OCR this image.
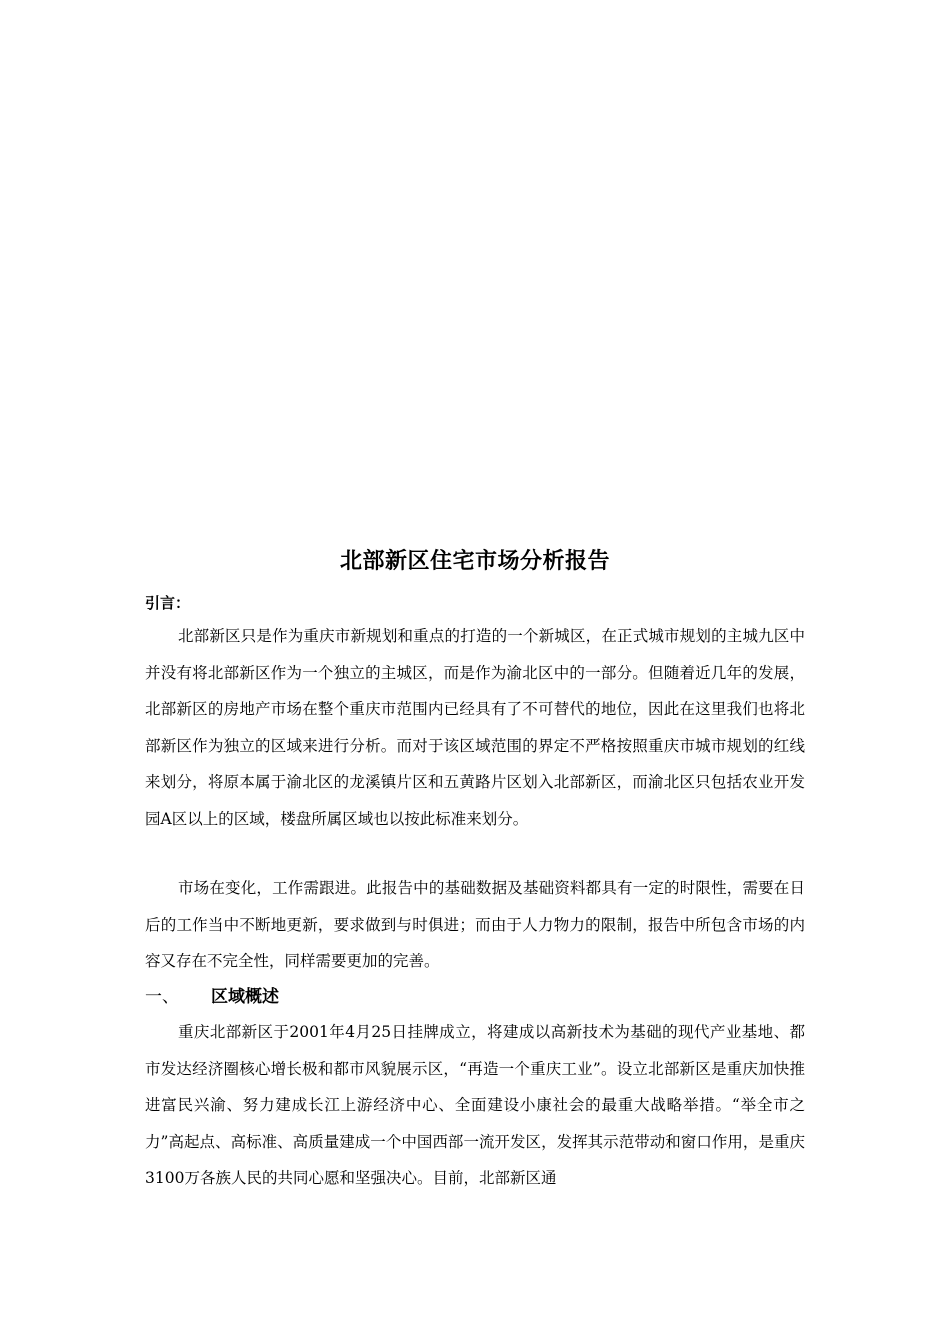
北部新区住宅市场分析报告
引言：

北部新区只是作为重庆市新规划和重点的打造的一个新城区，在正式城市规划的主城九区中并没有将北部新区作为一个独立的主城区，而是作为渝北区中的一部分。但随着近几年的发展，北部新区的房地产市场在整个重庆市范围内已经具有了不可替代的地位，因此在这里我们也将北部新区作为独立的区域来进行分析。而对于该区域范围的界定不严格按照重庆市城市规划的红线来划分，将原本属于渝北区的龙溪镇片区和五黄路片区划入北部新区，而渝北区只包括农业开发园A区以上的区域，楼盘所属区域也以按此标准来划分。

市场在变化，工作需跟进。此报告中的基础数据及基础资料都具有一定的时限性，需要在日后的工作当中不断地更新，要求做到与时俱进；而由于人力物力的限制，报告中所包含市场的内容又存在不完全性，同样需要更加的完善。

一、 区域概述

重庆北部新区于2001年4月25日挂牌成立，将建成以高新技术为基础的现代产业基地、都市发达经济圈核心增长极和都市风貌展示区，“再造一个重庆工业”。设立北部新区是重庆加快推进富民兴渝、努力建成长江上游经济中心、全面建设小康社会的最重大战略举措。“举全市之力”高起点、高标准、高质量建成一个中国西部一流开发区，发挥其示范带动和窗口作用，是重庆3100万各族人民的共同心愿和坚强决心。目前，北部新区通
